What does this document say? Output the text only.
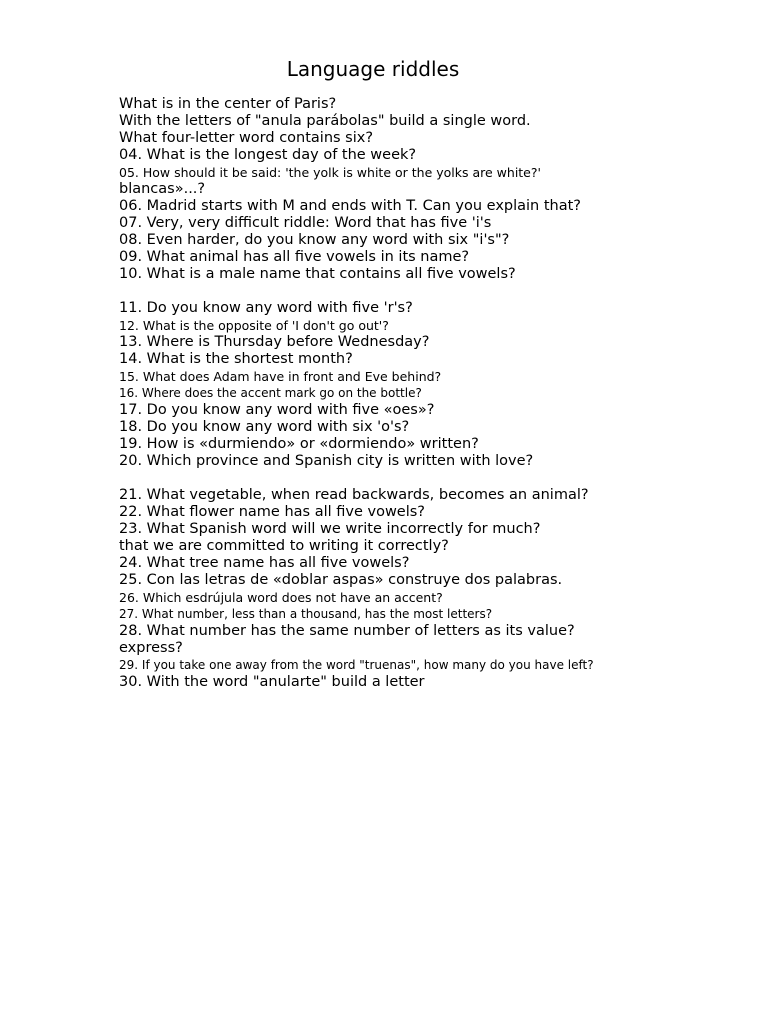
Language riddles
What is in the center of Paris?
With the letters of "anula parábolas" build a single word.
What four-letter word contains six?
04. What is the longest day of the week?
05. How should it be said: 'the yolk is white or the yolks are white?'
blancas»...?
06. Madrid starts with M and ends with T. Can you explain that?
07. Very, very difficult riddle: Word that has five 'i's
08. Even harder, do you know any word with six "i's"?
09. What animal has all five vowels in its name?
10. What is a male name that contains all five vowels?
11. Do you know any word with five 'r's?
12. What is the opposite of 'I don't go out'?
13. Where is Thursday before Wednesday?
14. What is the shortest month?
15. What does Adam have in front and Eve behind?
16. Where does the accent mark go on the bottle?
17. Do you know any word with five «oes»?
18. Do you know any word with six 'o's?
19. How is «durmiendo» or «dormiendo» written?
20. Which province and Spanish city is written with love?
21. What vegetable, when read backwards, becomes an animal?
22. What flower name has all five vowels?
23. What Spanish word will we write incorrectly for much?
that we are committed to writing it correctly?
24. What tree name has all five vowels?
25. Con las letras de «doblar aspas» construye dos palabras.
26. Which esdrújula word does not have an accent?
27. What number, less than a thousand, has the most letters?
28. What number has the same number of letters as its value?
express?
29. If you take one away from the word "truenas", how many do you have left?
30. With the word "anularte" build a letter
